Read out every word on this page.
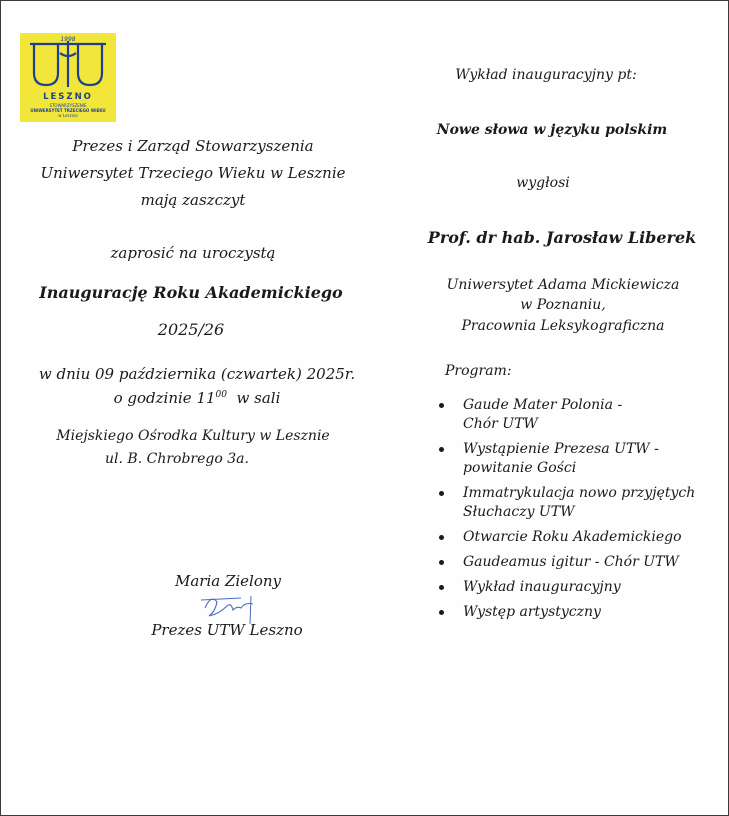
1998
LESZNO
STOWARZYSZENIE
UNIWERSYTET TRZECIEGO WIEKU
w Lesznie
Prezes i Zarząd Stowarzyszenia
Uniwersytet Trzeciego Wieku w Lesznie
mają zaszczyt
zaprosić na uroczystą
Inaugurację Roku Akademickiego
2025/26
w dniu 09 października (czwartek) 2025r.
o godzinie $11^{00}$  w sali
Miejskiego Ośrodka Kultury w Lesznie
ul. B. Chrobrego 3a.
Maria Zielony
Prezes UTW Leszno
Wykład inauguracyjny pt:
Nowe słowa w języku polskim
wygłosi
Prof. dr hab. Jarosław Liberek
Uniwersytet Adama Mickiewicza
w Poznaniu,
Pracownia Leksykograficzna
Program:
Gaude Mater Polonia -
Chór UTW
Wystąpienie Prezesa UTW -
powitanie Gości
Immatrykulacja nowo przyjętych
Słuchaczy UTW
Otwarcie Roku Akademickiego
Gaudeamus igitur - Chór UTW
Wykład inauguracyjny
Występ artystyczny
